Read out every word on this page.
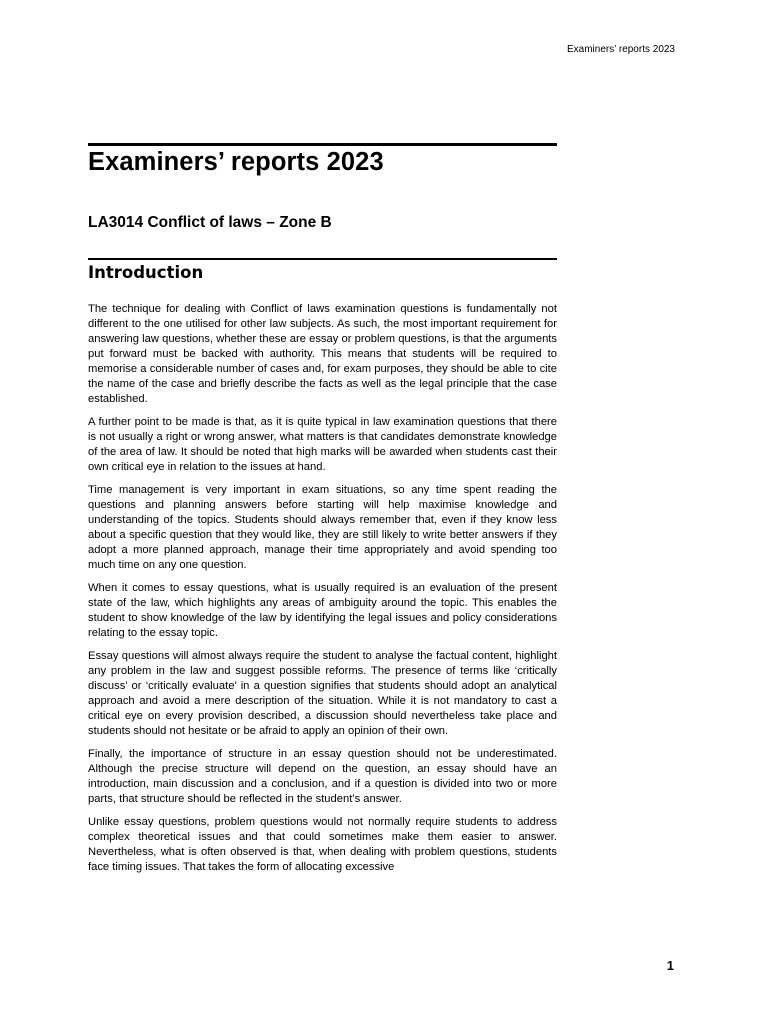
Examiners’ reports 2023
Examiners’ reports 2023
LA3014 Conflict of laws – Zone B
Introduction

The technique for dealing with Conflict of laws examination questions is fundamentally not different to the one utilised for other law subjects. As such, the most important requirement for answering law questions, whether these are essay or problem questions, is that the arguments put forward must be backed with authority. This means that students will be required to memorise a considerable number of cases and, for exam purposes, they should be able to cite the name of the case and briefly describe the facts as well as the legal principle that the case established.

A further point to be made is that, as it is quite typical in law examination questions that there is not usually a right or wrong answer, what matters is that candidates demonstrate knowledge of the area of law. It should be noted that high marks will be awarded when students cast their own critical eye in relation to the issues at hand.

Time management is very important in exam situations, so any time spent reading the questions and planning answers before starting will help maximise knowledge and understanding of the topics. Students should always remember that, even if they know less about a specific question that they would like, they are still likely to write better answers if they adopt a more planned approach, manage their time appropriately and avoid spending too much time on any one question.

When it comes to essay questions, what is usually required is an evaluation of the present state of the law, which highlights any areas of ambiguity around the topic. This enables the student to show knowledge of the law by identifying the legal issues and policy considerations relating to the essay topic.

Essay questions will almost always require the student to analyse the factual content, highlight any problem in the law and suggest possible reforms. The presence of terms like ‘critically discuss’ or ‘critically evaluate’ in a question signifies that students should adopt an analytical approach and avoid a mere description of the situation. While it is not mandatory to cast a critical eye on every provision described, a discussion should nevertheless take place and students should not hesitate or be afraid to apply an opinion of their own.

Finally, the importance of structure in an essay question should not be underestimated. Although the precise structure will depend on the question, an essay should have an introduction, main discussion and a conclusion, and if a question is divided into two or more parts, that structure should be reflected in the student’s answer.

Unlike essay questions, problem questions would not normally require students to address complex theoretical issues and that could sometimes make them easier to answer. Nevertheless, what is often observed is that, when dealing with problem questions, students face timing issues. That takes the form of allocating excessive

1
